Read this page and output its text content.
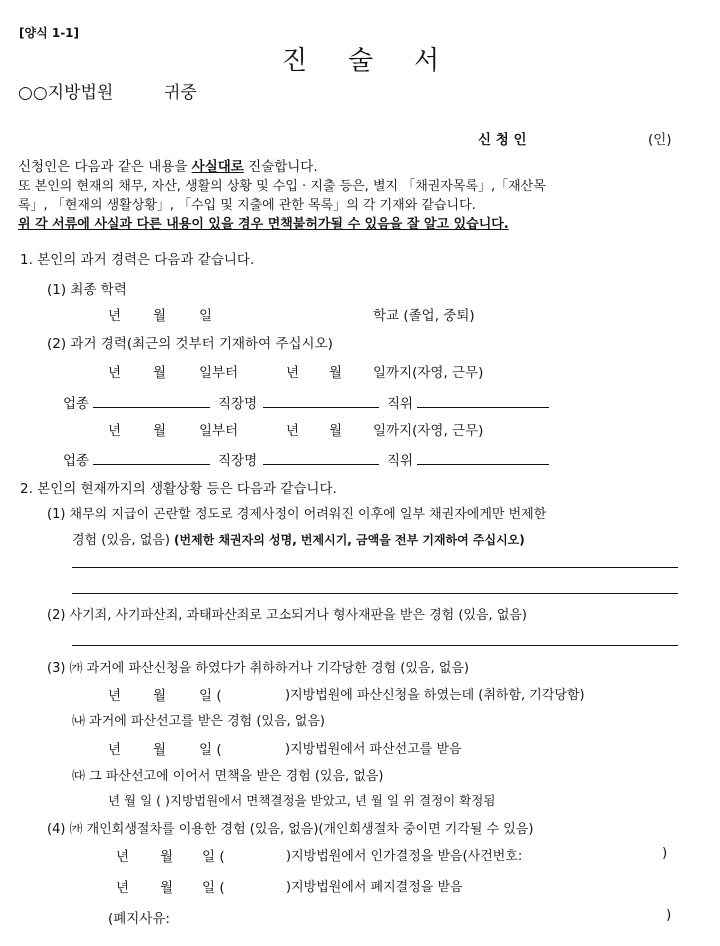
[양식 1-1]
진 술 서
○○지방법원	귀중
신 청 인	(인)
신청인은 다음과 같은 내용을 사실대로 진술합니다.
또 본인의 현재의 채무, 자산, 생활의 상황 및 수입 · 지출 등은, 별지 「채권자목록」,「재산목
록」, 「현재의 생활상황」, 「수입 및 지출에 관한 목록」의 각 기재와 같습니다.
위 각 서류에 사실과 다른 내용이 있을 경우 면책불허가될 수 있음을 잘 알고 있습니다.
1. 본인의 과거 경력은 다음과 같습니다.
(1) 최종 학력
년 월 일	학교 (졸업, 중퇴)
(2) 과거 경력(최근의 것부터 기재하여 주십시오)
년 월 일부터	년 월 일까지(자영, 근무)
업종	직장명	직위
년 월 일부터	년 월 일까지(자영, 근무)
업종	직장명	직위
2. 본인의 현재까지의 생활상황 등은 다음과 같습니다.
(1) 채무의 지급이 곤란할 정도로 경제사정이 어려워진 이후에 일부 채권자에게만 번제한
경험 (있음, 없음) (번제한 채권자의 성명, 번제시기, 금액을 전부 기재하여 주십시오)
(2) 사기죄, 사기파산죄, 과태파산죄로 고소되거나 형사재판을 받은 경험 (있음, 없음)
(3) ㈎ 과거에 파산신청을 하였다가 취하하거나 기각당한 경험 (있음, 없음)
년 월 일 (	)지방법원에 파산신청을 하였는데 (취하함, 기각당함)
㈏ 과거에 파산선고를 받은 경험 (있음, 없음)
년 월 일 (	)지방법원에서 파산선고를 받음
㈐ 그 파산선고에 이어서 면책을 받은 경험 (있음, 없음)
년 월 일 ( )지방법원에서 면책결정을 받았고, 년 월 일 위 결정이 확정됨
(4) ㈎ 개인회생절차를 이용한 경험 (있음, 없음)(개인회생절차 중이면 기각될 수 있음)
년 월 일 (	)지방법원에서 인가결정을 받음(사건번호:	)
년 월 일 (	)지방법원에서 폐지결정을 받음
(폐지사유:	)
